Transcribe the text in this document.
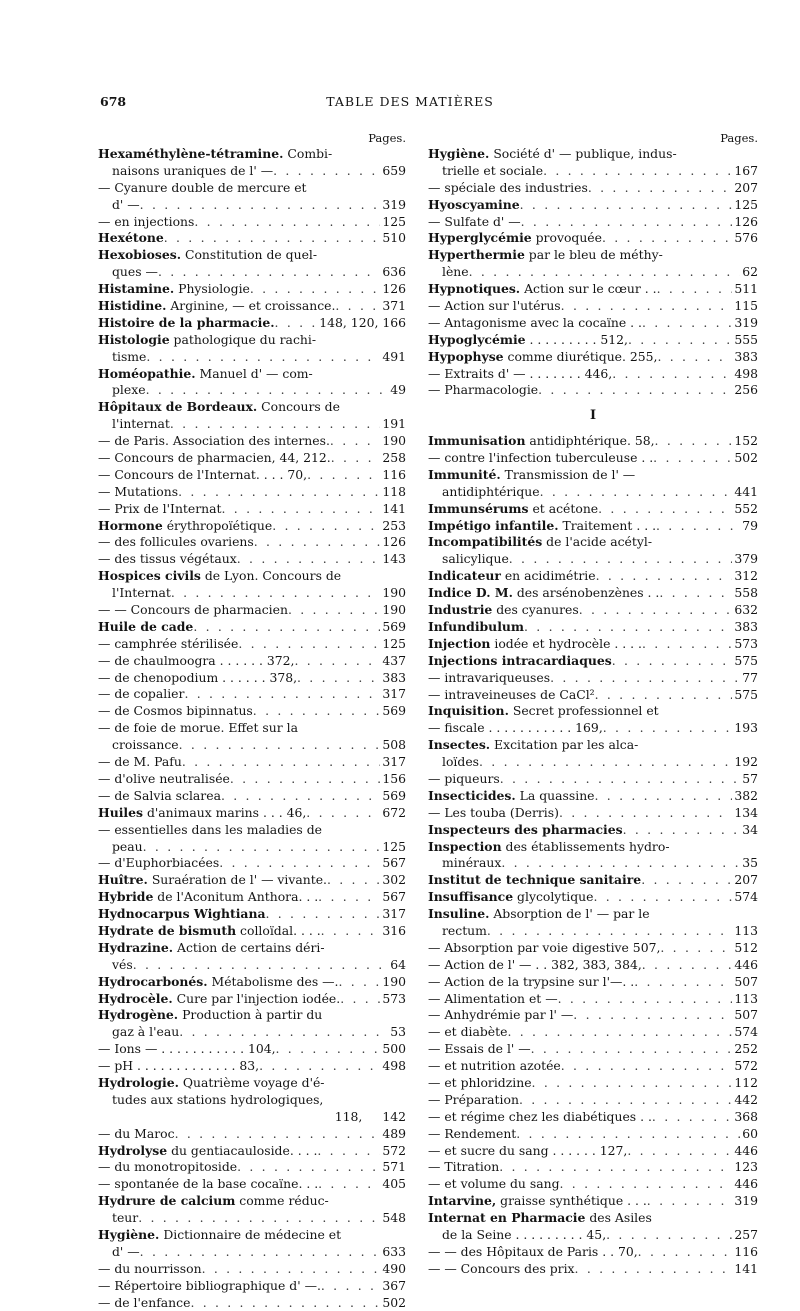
678	TABLE DES MATIÈRES
Pages.
Hexaméthylène-tétramine. Combi-
naisons uraniques de l' — . . .	659
— Cyanure double de mercure et
d' — . . .	319
— en injections . . .	125
Hexétone . . .	510
Hexobioses. Constitution de quel-
ques — . . .	636
Histamine. Physiologie . . .	126
Histidine. Arginine, — et croissance. . . .	371
Histoire de la pharmacie. . . .	148, 120, 166
Histologie pathologique du rachi-
tisme . . .	491
Homéopathie. Manuel d' — com-
plexe . . .	49
Hôpitaux de Bordeaux. Concours de
l'internat . . .	191
— de Paris. Association des internes. . . .	190
— Concours de pharmacien, 44, 212. . . .	258
— Concours de l'Internat. . . . 70, . . .	116
— Mutations . . .	118
— Prix de l'Internat . . .	141
Hormone érythropoïétique . . .	253
— des follicules ovariens . . .	126
— des tissus végétaux . . .	143
Hospices civils de Lyon. Concours de
l'Internat . . .	190
— — Concours de pharmacien . . .	190
Huile de cade . . .	569
— camphrée stérilisée . . .	125
— de chaulmoogra . . . . . . 372, . . .	437
— de chenopodium . . . . . . 378, . . .	383
— de copalier . . .	317
— de Cosmos bipinnatus . . .	569
— de foie de morue. Effet sur la
croissance . . .	508
— de M. Pafu . . .	317
— d'olive neutralisée . . .	156
— de Salvia sclarea . . .	569
Huiles d'animaux marins . . . 46, . . .	672
— essentielles dans les maladies de
peau . . .	125
— d'Euphorbiacées . . .	567
Huître. Suraération de l' — vivante. . . .	302
Hybride de l'Aconitum Anthora. . . . . .	567
Hydnocarpus Wightiana . . .	317
Hydrate de bismuth colloïdal. . . . . . .	316
Hydrazine. Action de certains déri-
vés . . .	64
Hydrocarbonés. Métabolisme des —. . . .	190
Hydrocèle. Cure par l'injection iodée. . . .	573
Hydrogène. Production à partir du
gaz à l'eau . . .	53
— Ions — . . . . . . . . . . . 104, . . .	500
— pH . . . . . . . . . . . . . 83, . . .	498
Hydrologie. Quatrième voyage d'é-
tudes aux stations hydrologiques,
118,	142
— du Maroc . . .	489
Hydrolyse du gentiacauloside. . . . . . .	572
— du monotropitoside . . .	571
— spontanée de la base cocaïne. . . . . .	405
Hydrure de calcium comme réduc-
teur . . .	548
Hygiène. Dictionnaire de médecine et
d' — . . .	633
— du nourrisson . . .	490
— Répertoire bibliographique d' —. . . .	367
— de l'enfance . . .	502
Pages.
Hygiène. Société d' — publique, indus-
trielle et sociale . . .	167
— spéciale des industries . . .	207
Hyoscyamine . . .	125
— Sulfate d' — . . .	126
Hyperglycémie provoquée . . .	576
Hyperthermie par le bleu de méthy-
lène . . .	62
Hypnotiques. Action sur le cœur . . . . .	511
— Action sur l'utérus . . .	115
— Antagonisme avec la cocaïne . . . . .	319
Hypoglycémie . . . . . . . . . 512, . . .	555
Hypophyse comme diurétique. 255, . . .	383
— Extraits d' — . . . . . . . 446, . . .	498
— Pharmacologie . . .	256
I
Immunisation antidiphtérique. 58, . . .	152
— contre l'infection tuberculeuse . . . . .	502
Immunité. Transmission de l' —
antidiphtérique . . .	441
Immunsérums et acétone . . .	552
Impétigo infantile. Traitement . . . . . .	79
Incompatibilités de l'acide acétyl-
salicylique . . .	379
Indicateur en acidimétrie . . .	312
Indice D. M. des arsénobenzènes . . . . .	558
Industrie des cyanures . . .	632
Infundibulum . . .	383
Injection iodée et hydrocèle . . . . . . .	573
Injections intracardiaques . . .	575
— intravariqueuses . . .	77
— intraveineuses de CaCl² . . .	575
Inquisition. Secret professionnel et
— fiscale . . . . . . . . . . . 169, . . .	193
Insectes. Excitation par les alca-
loïdes . . .	192
— piqueurs . . .	57
Insecticides. La quassine . . .	382
— Les touba (Derris) . . .	134
Inspecteurs des pharmacies . . .	34
Inspection des établissements hydro-
minéraux . . .	35
Institut de technique sanitaire . . .	207
Insuffisance glycolytique . . .	574
Insuline. Absorption de l' — par le
rectum . . .	113
— Absorption par voie digestive 507, . . .	512
— Action de l' — . . 382, 383, 384, . . .	446
— Action de la trypsine sur l'—. . . . .	507
— Alimentation et — . . .	113
— Anhydrémie par l' — . . .	507
— et diabète . . .	574
— Essais de l' — . . .	252
— et nutrition azotée . . .	572
— et phloridzine . . .	112
— Préparation . . .	442
— et régime chez les diabétiques . . . . .	368
— Rendement . . .	60
— et sucre du sang . . . . . . 127, . . .	446
— Titration . . .	123
— et volume du sang . . .	446
Intarvine, graisse synthétique . . . . . .	319
Internat en Pharmacie des Asiles
de la Seine . . . . . . . . . 45, . . .	257
— — des Hôpitaux de Paris . . 70, . . .	116
— — Concours des prix . . .	141
